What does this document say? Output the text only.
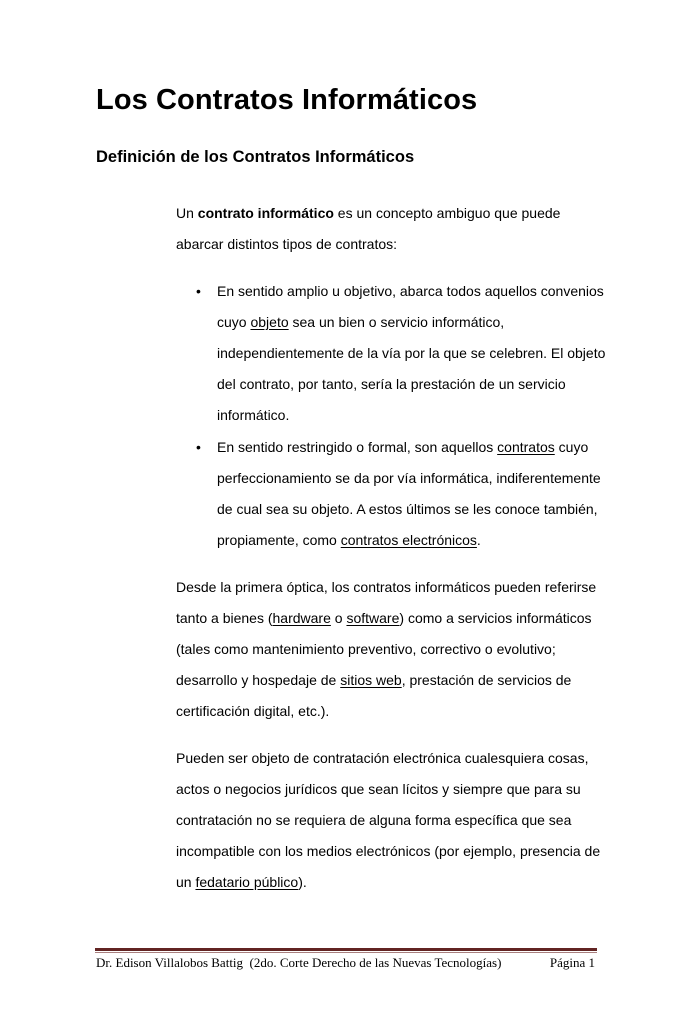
Los Contratos Informáticos
Definición de los Contratos Informáticos
Un contrato informático es un concepto ambiguo que puede
abarcar distintos tipos de contratos:
•	En sentido amplio u objetivo, abarca todos aquellos convenios
cuyo objeto sea un bien o servicio informático,
independientemente de la vía por la que se celebren. El objeto
del contrato, por tanto, sería la prestación de un servicio
informático.
•	En sentido restringido o formal, son aquellos contratos cuyo
perfeccionamiento se da por vía informática, indiferentemente
de cual sea su objeto. A estos últimos se les conoce también,
propiamente, como contratos electrónicos.
Desde la primera óptica, los contratos informáticos pueden referirse
tanto a bienes (hardware o software) como a servicios informáticos
(tales como mantenimiento preventivo, correctivo o evolutivo;
desarrollo y hospedaje de sitios web, prestación de servicios de
certificación digital, etc.).
Pueden ser objeto de contratación electrónica cualesquiera cosas,
actos o negocios jurídicos que sean lícitos y siempre que para su
contratación no se requiera de alguna forma específica que sea
incompatible con los medios electrónicos (por ejemplo, presencia de
un fedatario público).
Dr. Edison Villalobos Battig  (2do. Corte Derecho de las Nuevas Tecnologías)	Página 1
